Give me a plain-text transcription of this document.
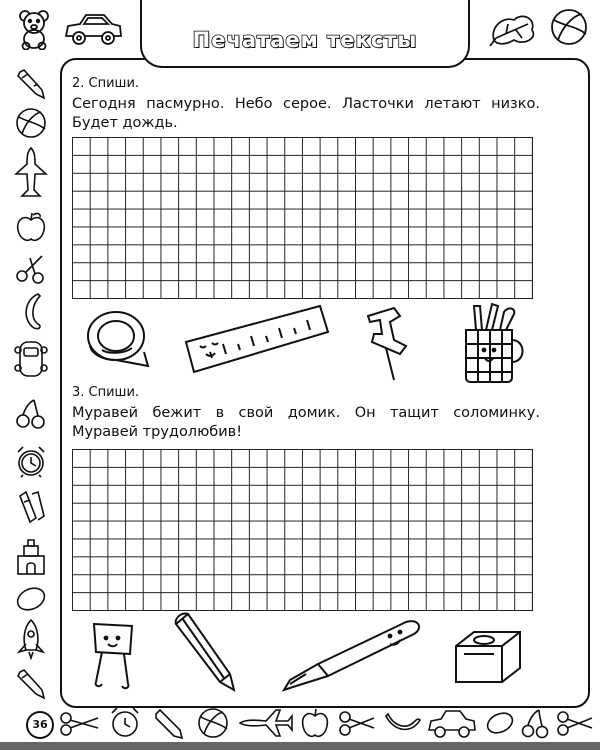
Печатаем тексты
2. Спиши.
Сегодня пасмурно. Небо серое. Ласточки летают низко. Будет дождь.
3. Спиши.
Муравей бежит в свой домик. Он тащит соломинку. Муравей трудолюбив!
36
